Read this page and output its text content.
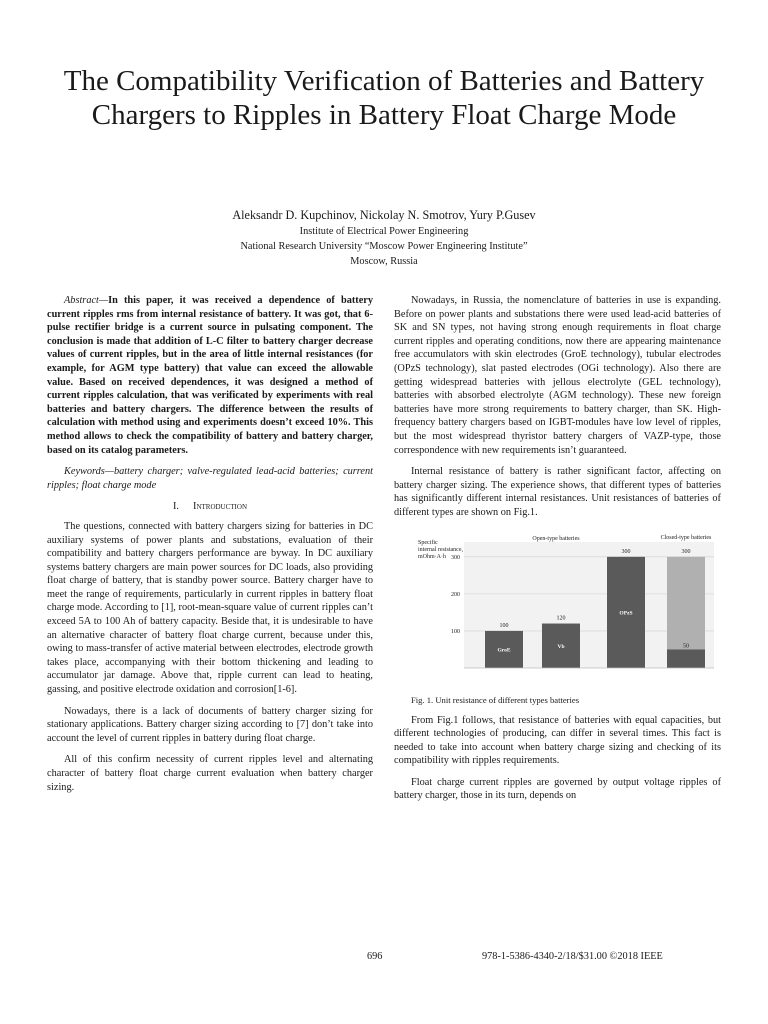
The Compatibility Verification of Batteries and Battery Chargers to Ripples in Battery Float Charge Mode
Aleksandr D. Kupchinov, Nickolay N. Smotrov, Yury P.Gusev
Institute of Electrical Power Engineering
National Research University “Moscow Power Engineering Institute”
Moscow, Russia

Abstract—In this paper, it was received a dependence of battery current ripples rms from internal resistance of battery. It was got, that 6-pulse rectifier bridge is a current source in pulsating component. The conclusion is made that addition of L-C filter to battery charger decrease values of current ripples, but in the area of little internal resistances (for example, for AGM type battery) that value can exceed the allowable value. Based on received dependences, it was designed a method of current ripples calculation, that was verificated by experiments with real batteries and battery chargers. The difference between the results of calculation with method using and experiments doesn’t exceed 10%. This method allows to check the compatibility of battery and battery charger, based on its catalog parameters.

Keywords—battery charger; valve-regulated lead-acid batteries; current ripples; float charge mode

I. Introduction

The questions, connected with battery chargers sizing for batteries in DC auxiliary systems of power plants and substations, evaluation of their compatibility and battery chargers performance are byway. In DC auxiliary systems battery chargers are main power sources for DC loads, also providing float charge of battery, that is standby power source. Battery charger have to meet the range of requirements, particularly in current ripples in battery float charge mode. According to [1], root-mean-square value of current ripples can’t exceed 5A to 100 Ah of battery capacity. Beside that, it is undesirable to have an alternative character of battery float charge current, because under this, owing to mass-transfer of active material between electrodes, electrode growth takes place, accompanying with their bottom thickening and leading to accumulator jar damage. Above that, ripple current can lead to heating, gassing, and positive electrode oxidation and corrosion[1-6].

Nowadays, there is a lack of documents of battery charger sizing for stationary applications. Battery charger sizing according to [7] don’t take into account the level of current ripples in battery during float charge.

All of this confirm necessity of current ripples level and alternating character of battery float charge current evaluation when battery charger sizing.

Nowadays, in Russia, the nomenclature of batteries in use is expanding. Before on power plants and substations there were used lead-acid batteries of SK and SN types, not having strong enough requirements in float charge current ripples and operating conditions, now there are appearing maintenance free accumulators with skin electrodes (GroE technology), tubular electrodes (OPzS technology), slat pasted electrodes (OGi technology). Also there are getting widespread batteries with jellous electrolyte (GEL technology), batteries with absorbed electrolyte (AGM technology). These new foreign batteries have more strong requirements to battery charger, than SK. High-frequency battery chargers based on IGBT-modules have low level of ripples, but the most widespread thyristor battery chargers of VAZP-type, those correspondence with new requirements isn’t guaranteed.

Internal resistance of battery is rather significant factor, affecting on battery charger sizing. The experience shows, that different types of batteries has significantly different internal resistances. Unit resistances of batteries of different types are shown on Fig.1.

Specific
internal resistance,
mOhm·A·h
100
200
300
Open-type batteries	Closed-type batteries
100
GroE
120
Vb
300
OPzS
300
50

Fig. 1. Unit resistance of different types batteries

From Fig.1 follows, that resistance of batteries with equal capacities, but different technologies of producing, can differ in several times. This fact is needed to take into account when battery charge sizing and checking of its compatibility with ripples requirements.

Float charge current ripples are governed by output voltage ripples of battery charger, those in its turn, depends on

696	978-1-5386-4340-2/18/$31.00 ©2018 IEEE
